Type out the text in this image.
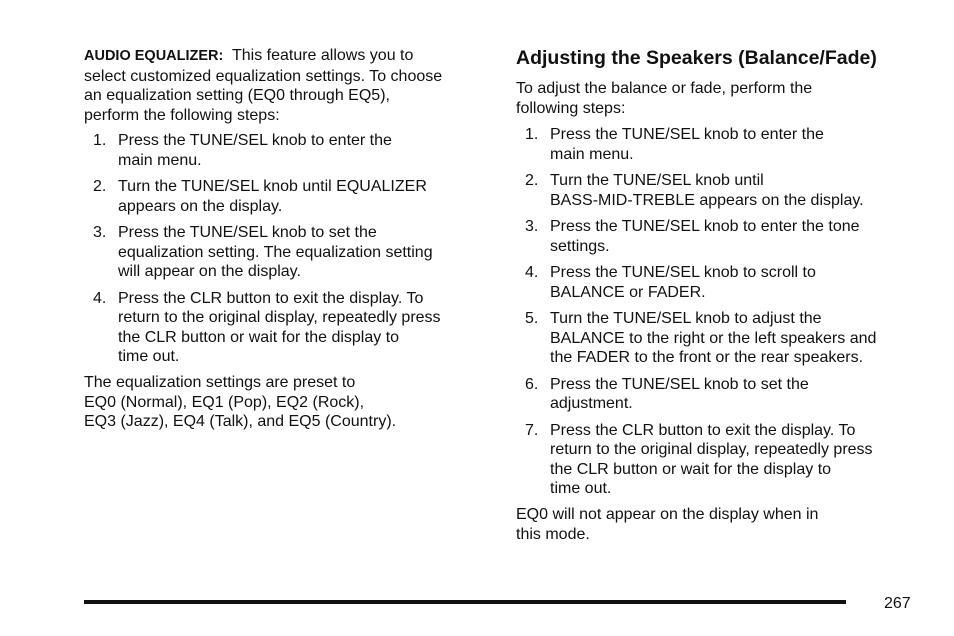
AUDIO EQUALIZER: This feature allows you to
select customized equalization settings. To choose
an equalization setting (EQ0 through EQ5),
perform the following steps:

1. Press the TUNE/SEL knob to enter the
main menu.
2. Turn the TUNE/SEL knob until EQUALIZER
appears on the display.
3. Press the TUNE/SEL knob to set the
equalization setting. The equalization setting
will appear on the display.
4. Press the CLR button to exit the display. To
return to the original display, repeatedly press
the CLR button or wait for the display to
time out.

The equalization settings are preset to
EQ0 (Normal), EQ1 (Pop), EQ2 (Rock),
EQ3 (Jazz), EQ4 (Talk), and EQ5 (Country).

Adjusting the Speakers (Balance/Fade)

To adjust the balance or fade, perform the
following steps:

1. Press the TUNE/SEL knob to enter the
main menu.
2. Turn the TUNE/SEL knob until
BASS-MID-TREBLE appears on the display.
3. Press the TUNE/SEL knob to enter the tone
settings.
4. Press the TUNE/SEL knob to scroll to
BALANCE or FADER.
5. Turn the TUNE/SEL knob to adjust the
BALANCE to the right or the left speakers and
the FADER to the front or the rear speakers.
6. Press the TUNE/SEL knob to set the
adjustment.
7. Press the CLR button to exit the display. To
return to the original display, repeatedly press
the CLR button or wait for the display to
time out.

EQ0 will not appear on the display when in
this mode.

267
